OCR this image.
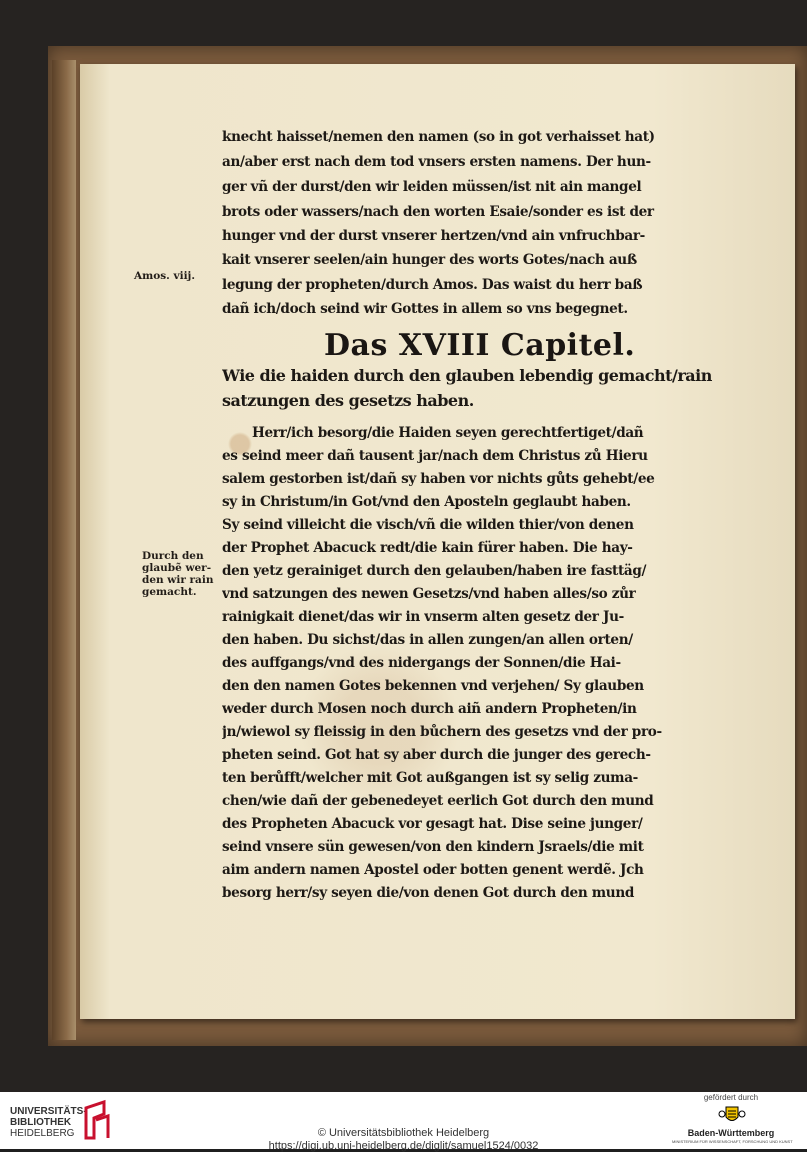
knecht haisset/nemen den namen (so in got verhaisset hat)
an/aber erst nach dem tod vnsers ersten namens. Der hun-
ger vñ der durst/den wir leiden müssen/ist nit ain mangel
brots oder wassers/nach den worten Esaie/sonder es ist der
hunger vnd der durst vnserer hertzen/vnd ain vnfruchbar-
kait vnserer seelen/ain hunger des worts Gotes/nach auß
legung der propheten/durch Amos. Das waist du herr baß
dañ ich/doch seind wir Gottes in allem so vns begegnet.
Amos. viij.
Das XVIII Capitel.
Wie die haiden durch den glauben lebendig gemacht/rain
satzungen des gesetzs haben.
Herr/ich besorg/die Haiden seyen gerechtfertiget/dañ
es seind meer dañ tausent jar/nach dem Christus zů Hieru
salem gestorben ist/dañ sy haben vor nichts gůts gehebt/ee
sy in Christum/in Got/vnd den Aposteln geglaubt haben.
Sy seind villeicht die visch/vñ die wilden thier/von denen
der Prophet Abacuck redt/die kain fürer haben. Die hay-
den yetz gerainiget durch den gelauben/haben ire fasttäg/
vnd satzungen des newen Gesetzs/vnd haben alles/so zůr
rainigkait dienet/das wir in vnserm alten gesetz der Ju-
den haben. Du sichst/das in allen zungen/an allen orten/
des auffgangs/vnd des nidergangs der Sonnen/die Hai-
den den namen Gotes bekennen vnd verjehen/ Sy glauben
weder durch Mosen noch durch aiñ andern Propheten/in
jn/wiewol sy fleissig in den bůchern des gesetzs vnd der pro-
pheten seind. Got hat sy aber durch die junger des gerech-
ten berůfft/welcher mit Got außgangen ist sy selig zuma-
chen/wie dañ der gebenedeyet eerlich Got durch den mund
des Propheten Abacuck vor gesagt hat. Dise seine junger/
seind vnsere sün gewesen/von den kindern Jsraels/die mit
aim andern namen Apostel oder botten genent werdẽ. Jch
besorg herr/sy seyen die/von denen Got durch den mund
Durch den
glaubẽ wer-
den wir rain
gemacht.
UNIVERSITÄTS-
BIBLIOTHEK
HEIDELBERG
gefördert durch
Baden-Württemberg
MINISTERIUM FÜR WISSENSCHAFT, FORSCHUNG UND KUNST
© Universitätsbibliothek Heidelberg
https://digi.ub.uni-heidelberg.de/diglit/samuel1524/0032
